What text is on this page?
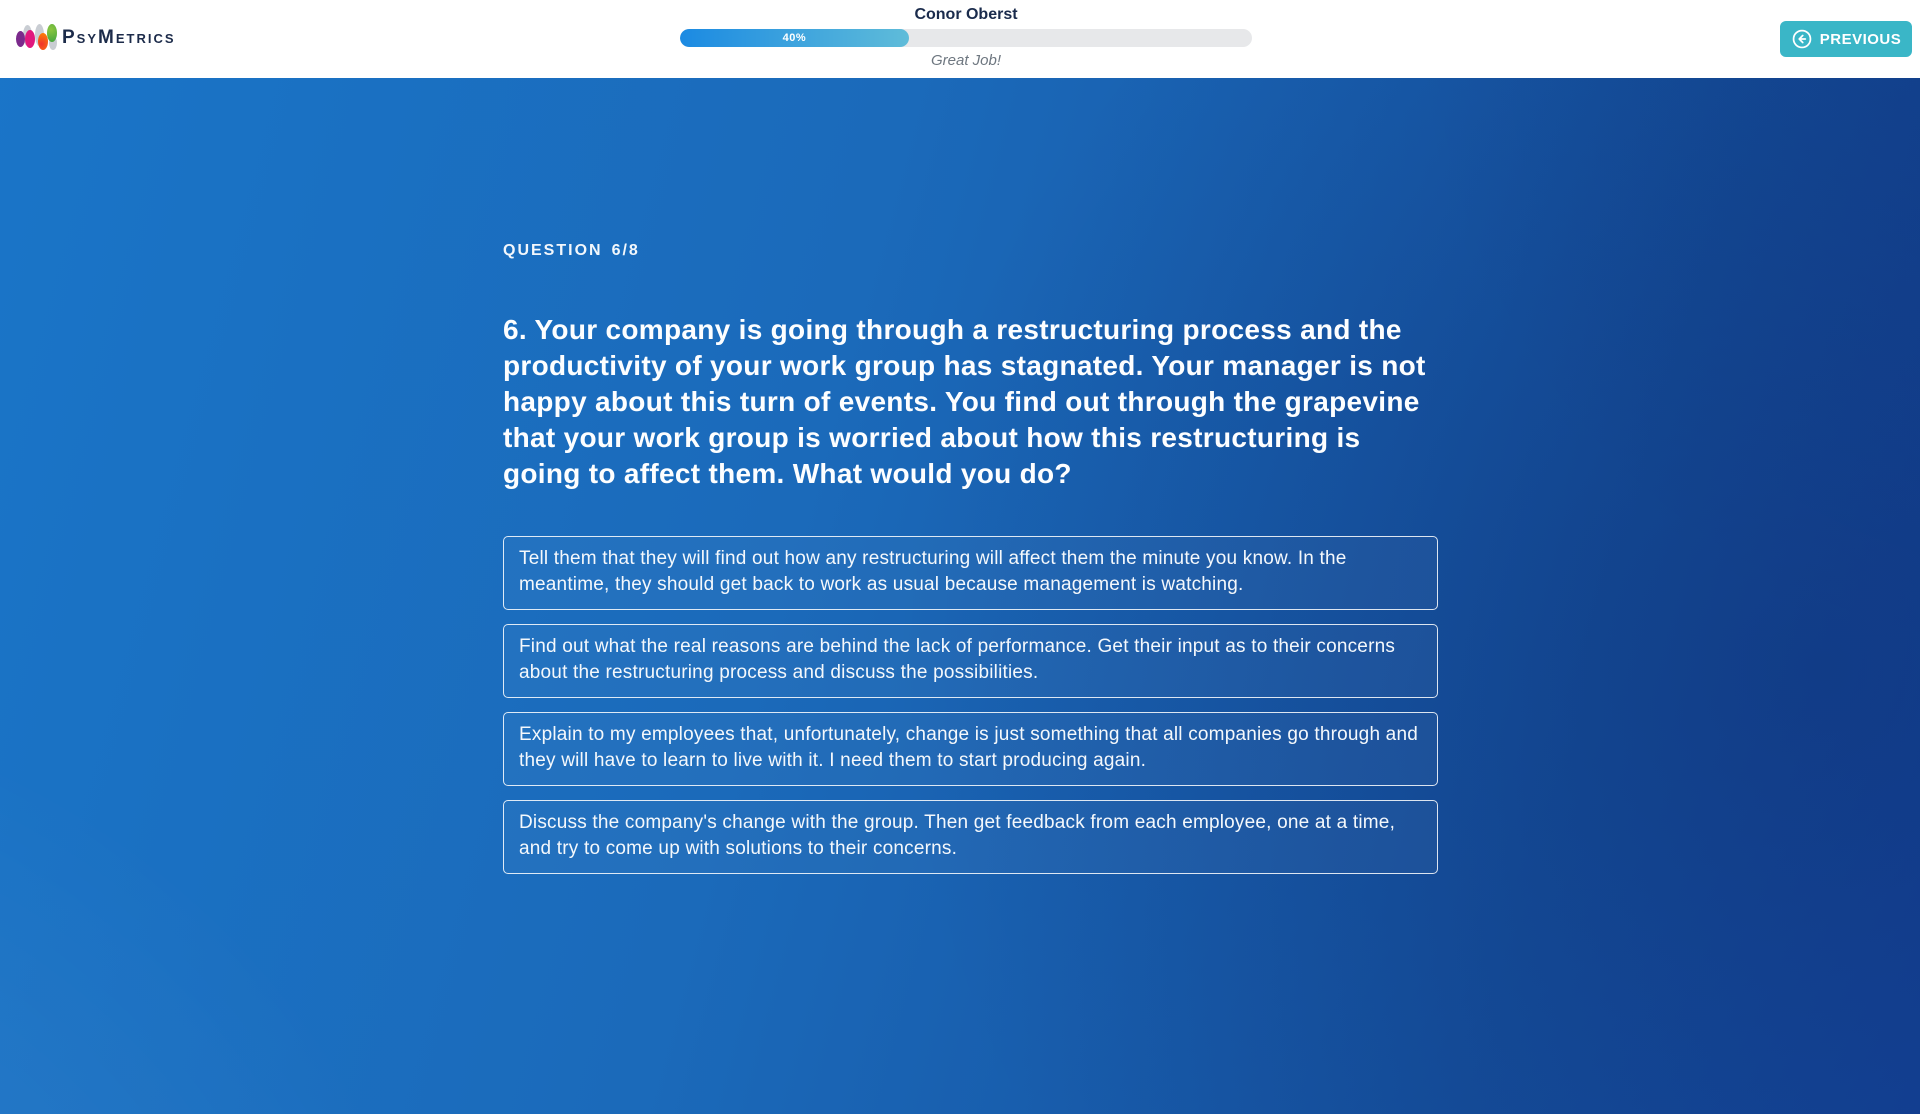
PsyMetrics
Conor Oberst
40%
Great Job!
PREVIOUS
QUESTION 6/8
6. Your company is going through a restructuring process and the productivity of your work group has stagnated. Your manager is not happy about this turn of events. You find out through the grapevine that your work group is worried about how this restructuring is going to affect them. What would you do?
Tell them that they will find out how any restructuring will affect them the minute you know. In the meantime, they should get back to work as usual because management is watching.
Find out what the real reasons are behind the lack of performance. Get their input as to their concerns about the restructuring process and discuss the possibilities.
Explain to my employees that, unfortunately, change is just something that all companies go through and they will have to learn to live with it. I need them to start producing again.
Discuss the company's change with the group. Then get feedback from each employee, one at a time, and try to come up with solutions to their concerns.
